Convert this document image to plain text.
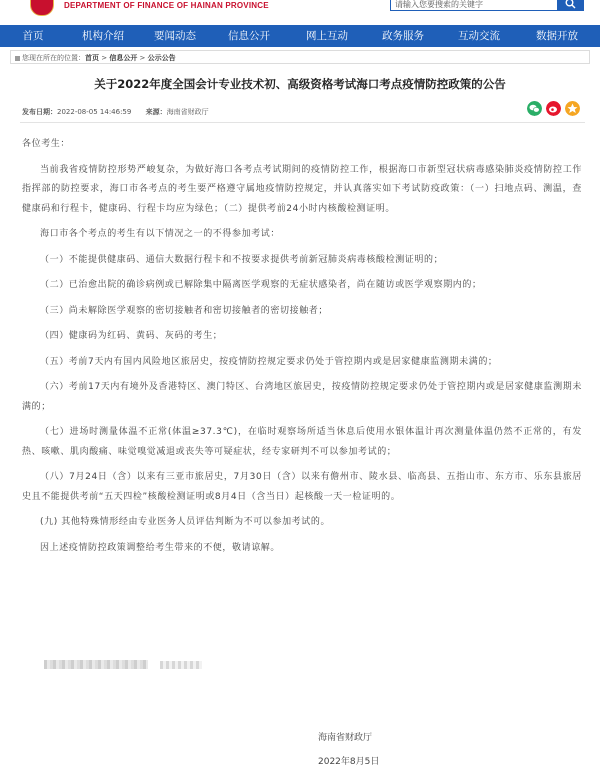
DEPARTMENT OF FINANCE OF HAINAN PROVINCE	请输入您要搜索的关键字
首页	机构介绍	要闻动态	信息公开	网上互动	政务服务	互动交流	数据开放
您现在所在的位置：首页 > 信息公开 > 公示公告
关于2022年度全国会计专业技术初、高级资格考试海口考点疫情防控政策的公告
发布日期：2022-08-05 14:46:59 来源：海南省财政厅

各位考生：

当前我省疫情防控形势严峻复杂，为做好海口各考点考试期间的疫情防控工作，根据海口市新型冠状病毒感染肺炎疫情防控工作指挥部的防控要求，海口市各考点的考生要严格遵守属地疫情防控规定，并认真落实如下考试防疫政策：（一）扫地点码、测温，查健康码和行程卡，健康码、行程卡均应为绿色；（二）提供考前24小时内核酸检测证明。

海口市各个考点的考生有以下情况之一的不得参加考试：

（一）不能提供健康码、通信大数据行程卡和不按要求提供考前新冠肺炎病毒核酸检测证明的；

（二）已治愈出院的确诊病例或已解除集中隔离医学观察的无症状感染者，尚在随访或医学观察期内的；

（三）尚未解除医学观察的密切接触者和密切接触者的密切接触者；

（四）健康码为红码、黄码、灰码的考生；

（五）考前7天内有国内风险地区旅居史，按疫情防控规定要求仍处于管控期内或是居家健康监测期未满的；

（六）考前17天内有境外及香港特区、澳门特区、台湾地区旅居史，按疫情防控规定要求仍处于管控期内或是居家健康监测期未满的；

（七）进场时测量体温不正常(体温≥37.3℃)，在临时观察场所适当休息后使用水银体温计再次测量体温仍然不正常的，有发热、咳嗽、肌肉酸痛、味觉嗅觉减退或丧失等可疑症状，经专家研判不可以参加考试的；

（八）7月24日（含）以来有三亚市旅居史，7月30日（含）以来有儋州市、陵水县、临高县、五指山市、东方市、乐东县旅居史且不能提供考前“五天四检”核酸检测证明或8月4日（含当日）起核酸一天一检证明的。

(九) 其他特殊情形经由专业医务人员评估判断为不可以参加考试的。

因上述疫情防控政策调整给考生带来的不便，敬请谅解。

海南省财政厅
2022年8月5日
